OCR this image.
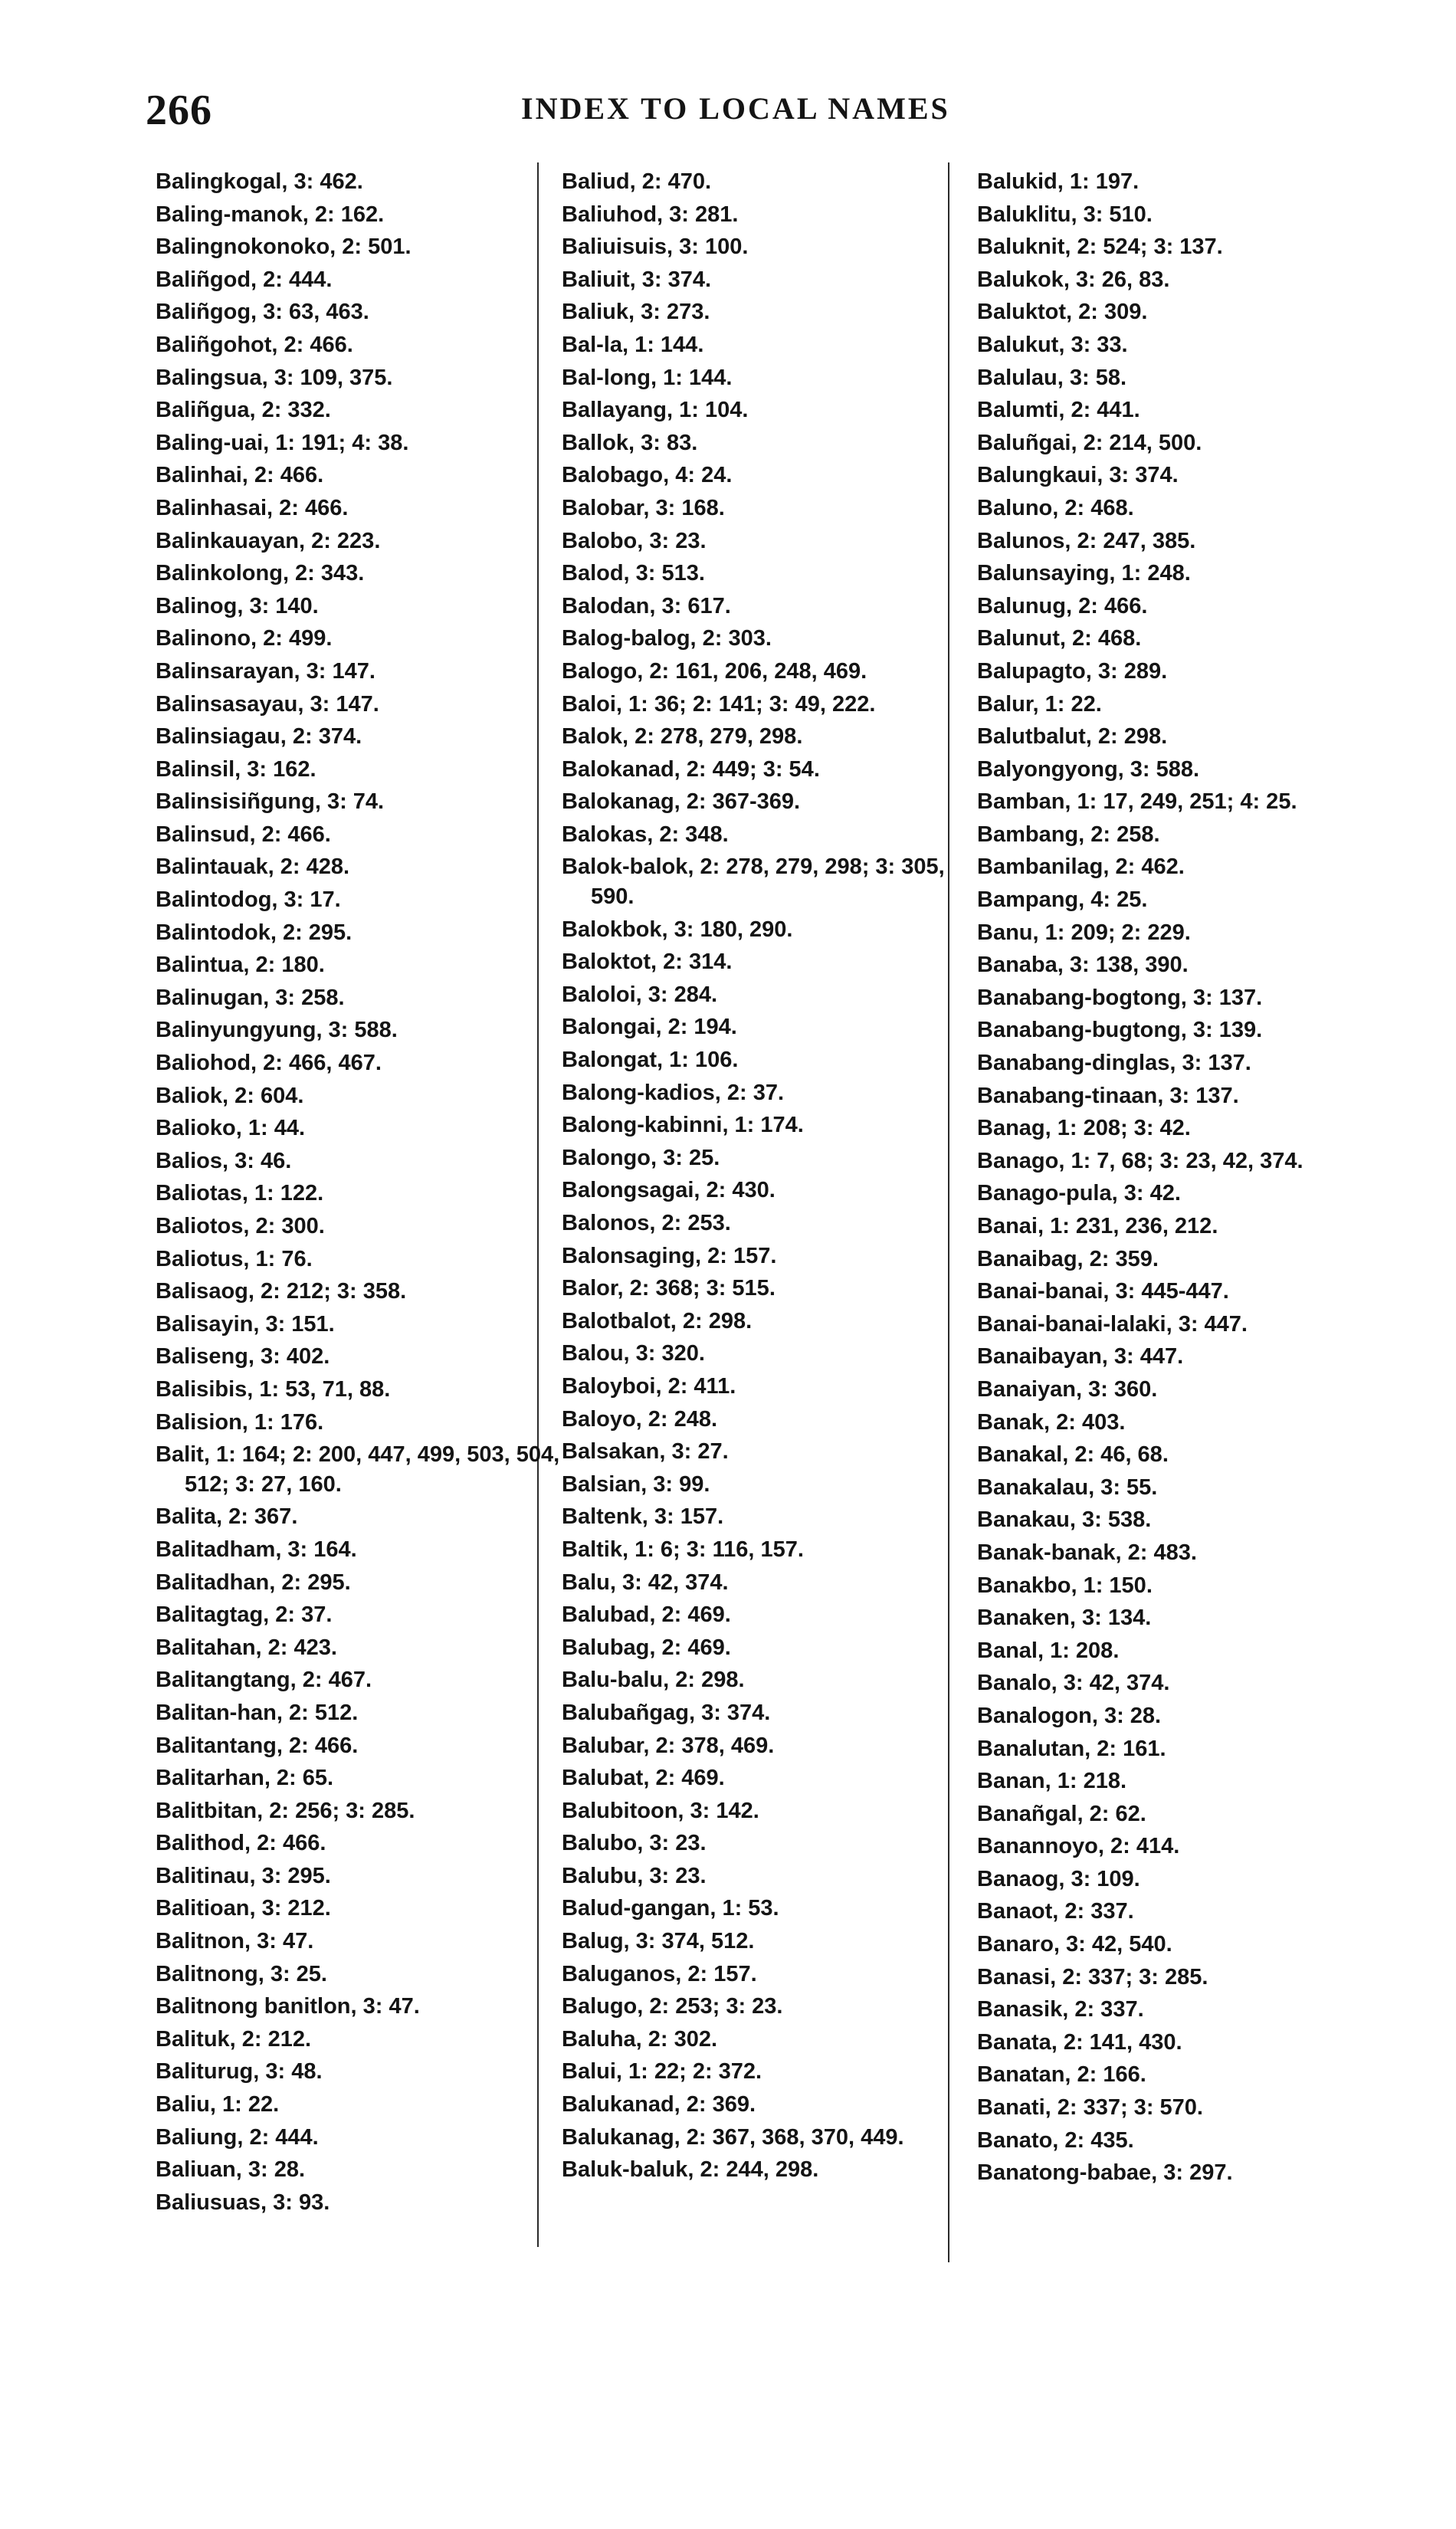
266	INDEX TO LOCAL NAMES
Balingkogal, 3: 462.
Baling-manok, 2: 162.
Balingnokonoko, 2: 501.
Baliñgod, 2: 444.
Baliñgog, 3: 63, 463.
Baliñgohot, 2: 466.
Balingsua, 3: 109, 375.
Baliñgua, 2: 332.
Baling-uai, 1: 191; 4: 38.
Balinhai, 2: 466.
Balinhasai, 2: 466.
Balinkauayan, 2: 223.
Balinkolong, 2: 343.
Balinog, 3: 140.
Balinono, 2: 499.
Balinsarayan, 3: 147.
Balinsasayau, 3: 147.
Balinsiagau, 2: 374.
Balinsil, 3: 162.
Balinsisiñgung, 3: 74.
Balinsud, 2: 466.
Balintauak, 2: 428.
Balintodog, 3: 17.
Balintodok, 2: 295.
Balintua, 2: 180.
Balinugan, 3: 258.
Balinyungyung, 3: 588.
Baliohod, 2: 466, 467.
Baliok, 2: 604.
Balioko, 1: 44.
Balios, 3: 46.
Baliotas, 1: 122.
Baliotos, 2: 300.
Baliotus, 1: 76.
Balisaog, 2: 212; 3: 358.
Balisayin, 3: 151.
Baliseng, 3: 402.
Balisibis, 1: 53, 71, 88.
Balision, 1: 176.
Balit, 1: 164; 2: 200, 447, 499, 503, 504, 512; 3: 27, 160.
Balita, 2: 367.
Balitadham, 3: 164.
Balitadhan, 2: 295.
Balitagtag, 2: 37.
Balitahan, 2: 423.
Balitangtang, 2: 467.
Balitan-han, 2: 512.
Balitantang, 2: 466.
Balitarhan, 2: 65.
Balitbitan, 2: 256; 3: 285.
Balithod, 2: 466.
Balitinau, 3: 295.
Balitioan, 3: 212.
Balitnon, 3: 47.
Balitnong, 3: 25.
Balitnong banitlon, 3: 47.
Balituk, 2: 212.
Baliturug, 3: 48.
Baliu, 1: 22.
Baliung, 2: 444.
Baliuan, 3: 28.
Baliusuas, 3: 93.
Baliud, 2: 470.
Baliuhod, 3: 281.
Baliuisuis, 3: 100.
Baliuit, 3: 374.
Baliuk, 3: 273.
Bal-la, 1: 144.
Bal-long, 1: 144.
Ballayang, 1: 104.
Ballok, 3: 83.
Balobago, 4: 24.
Balobar, 3: 168.
Balobo, 3: 23.
Balod, 3: 513.
Balodan, 3: 617.
Balog-balog, 2: 303.
Balogo, 2: 161, 206, 248, 469.
Baloi, 1: 36; 2: 141; 3: 49, 222.
Balok, 2: 278, 279, 298.
Balokanad, 2: 449; 3: 54.
Balokanag, 2: 367-369.
Balokas, 2: 348.
Balok-balok, 2: 278, 279, 298; 3: 305, 590.
Balokbok, 3: 180, 290.
Baloktot, 2: 314.
Baloloi, 3: 284.
Balongai, 2: 194.
Balongat, 1: 106.
Balong-kadios, 2: 37.
Balong-kabinni, 1: 174.
Balongo, 3: 25.
Balongsagai, 2: 430.
Balonos, 2: 253.
Balonsaging, 2: 157.
Balor, 2: 368; 3: 515.
Balotbalot, 2: 298.
Balou, 3: 320.
Baloyboi, 2: 411.
Baloyo, 2: 248.
Balsakan, 3: 27.
Balsian, 3: 99.
Baltenk, 3: 157.
Baltik, 1: 6; 3: 116, 157.
Balu, 3: 42, 374.
Balubad, 2: 469.
Balubag, 2: 469.
Balu-balu, 2: 298.
Balubañgag, 3: 374.
Balubar, 2: 378, 469.
Balubat, 2: 469.
Balubitoon, 3: 142.
Balubo, 3: 23.
Balubu, 3: 23.
Balud-gangan, 1: 53.
Balug, 3: 374, 512.
Baluganos, 2: 157.
Balugo, 2: 253; 3: 23.
Baluha, 2: 302.
Balui, 1: 22; 2: 372.
Balukanad, 2: 369.
Balukanag, 2: 367, 368, 370, 449.
Baluk-baluk, 2: 244, 298.
Balukid, 1: 197.
Baluklitu, 3: 510.
Baluknit, 2: 524; 3: 137.
Balukok, 3: 26, 83.
Baluktot, 2: 309.
Balukut, 3: 33.
Balulau, 3: 58.
Balumti, 2: 441.
Baluñgai, 2: 214, 500.
Balungkaui, 3: 374.
Baluno, 2: 468.
Balunos, 2: 247, 385.
Balunsaying, 1: 248.
Balunug, 2: 466.
Balunut, 2: 468.
Balupagto, 3: 289.
Balur, 1: 22.
Balutbalut, 2: 298.
Balyongyong, 3: 588.
Bamban, 1: 17, 249, 251; 4: 25.
Bambang, 2: 258.
Bambanilag, 2: 462.
Bampang, 4: 25.
Banu, 1: 209; 2: 229.
Banaba, 3: 138, 390.
Banabang-bogtong, 3: 137.
Banabang-bugtong, 3: 139.
Banabang-dinglas, 3: 137.
Banabang-tinaan, 3: 137.
Banag, 1: 208; 3: 42.
Banago, 1: 7, 68; 3: 23, 42, 374.
Banago-pula, 3: 42.
Banai, 1: 231, 236, 212.
Banaibag, 2: 359.
Banai-banai, 3: 445-447.
Banai-banai-lalaki, 3: 447.
Banaibayan, 3: 447.
Banaiyan, 3: 360.
Banak, 2: 403.
Banakal, 2: 46, 68.
Banakalau, 3: 55.
Banakau, 3: 538.
Banak-banak, 2: 483.
Banakbo, 1: 150.
Banaken, 3: 134.
Banal, 1: 208.
Banalo, 3: 42, 374.
Banalogon, 3: 28.
Banalutan, 2: 161.
Banan, 1: 218.
Banañgal, 2: 62.
Banannoyo, 2: 414.
Banaog, 3: 109.
Banaot, 2: 337.
Banaro, 3: 42, 540.
Banasi, 2: 337; 3: 285.
Banasik, 2: 337.
Banata, 2: 141, 430.
Banatan, 2: 166.
Banati, 2: 337; 3: 570.
Banato, 2: 435.
Banatong-babae, 3: 297.
